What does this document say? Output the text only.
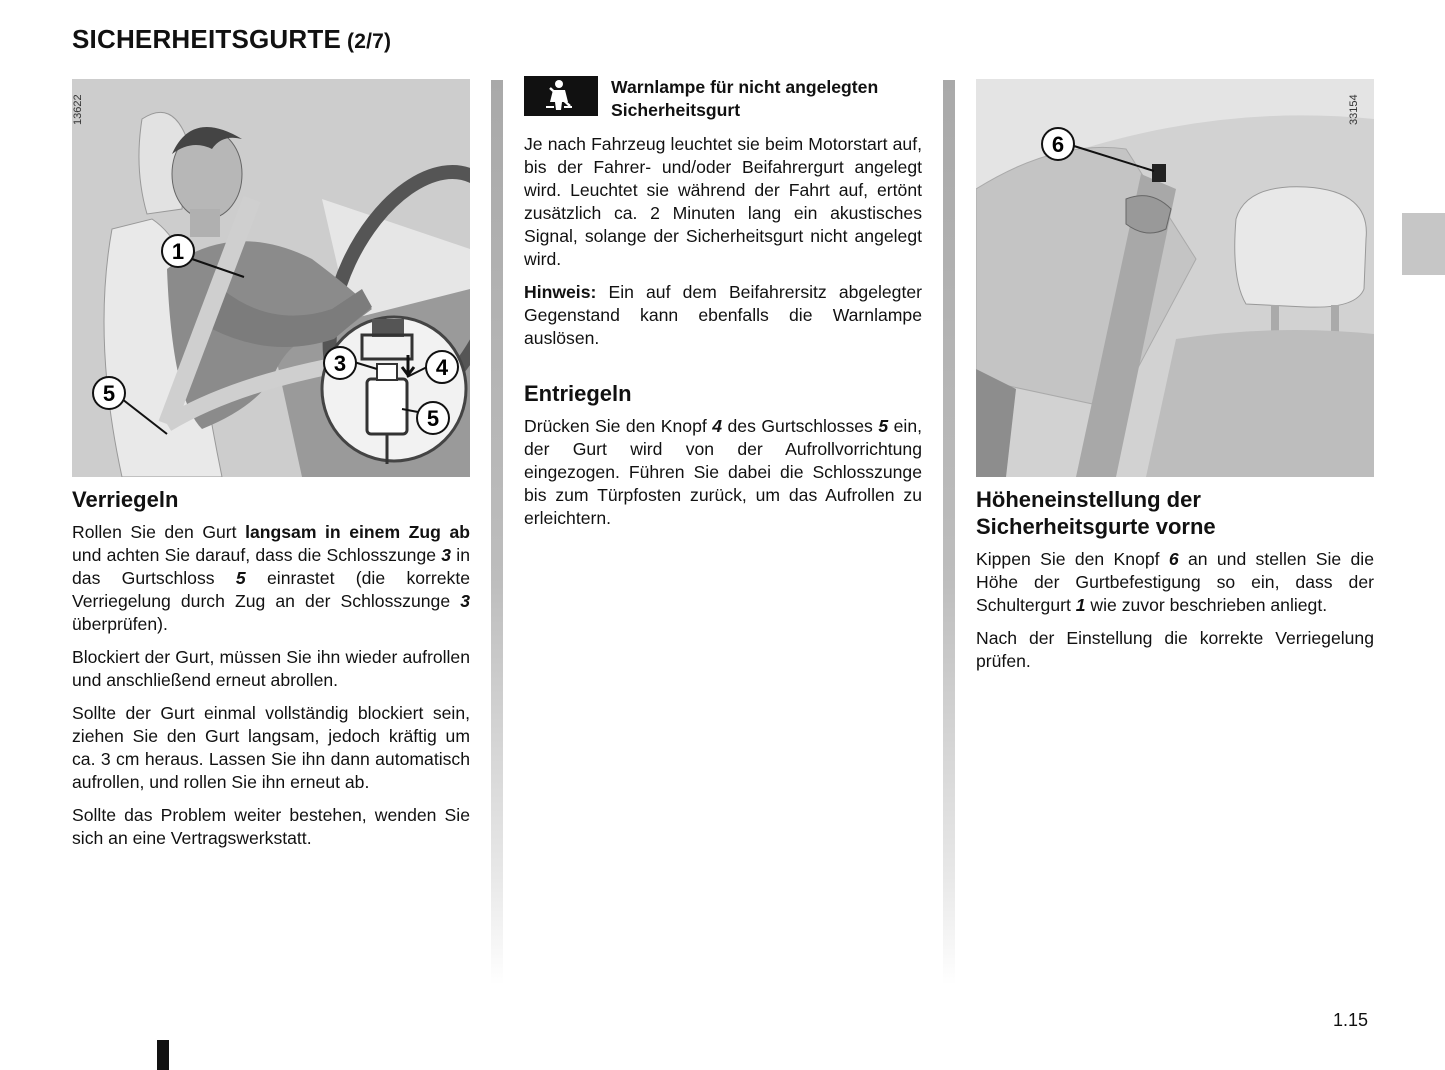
SICHERHEITSGURTE (2/7)
1
3	4
5
5
13622
6
33154
Verriegeln

Rollen Sie den Gurt langsam in einem Zug ab und achten Sie darauf, dass die Schlosszunge 3 in das Gurtschloss 5 einrastet (die korrekte Verriegelung durch Zug an der Schlosszunge 3 überprüfen).

Blockiert der Gurt, müssen Sie ihn wieder aufrollen und anschließend erneut abrollen.

Sollte der Gurt einmal vollständig blockiert sein, ziehen Sie den Gurt langsam, jedoch kräftig um ca. 3 cm heraus. Lassen Sie ihn dann automatisch aufrollen, und rollen Sie ihn erneut ab.

Sollte das Problem weiter bestehen, wenden Sie sich an eine Vertragswerkstatt.

Warnlampe für nicht angelegten Sicherheitsgurt

Je nach Fahrzeug leuchtet sie beim Motorstart auf, bis der Fahrer- und/oder Beifahrergurt angelegt wird. Leuchtet sie während der Fahrt auf, ertönt zusätzlich ca. 2 Minuten lang ein akustisches Signal, solange der Sicherheitsgurt nicht angelegt wird.

Hinweis: Ein auf dem Beifahrersitz abgelegter Gegenstand kann ebenfalls die Warnlampe auslösen.

Entriegeln

Drücken Sie den Knopf 4 des Gurtschlosses 5 ein, der Gurt wird von der Aufrollvorrichtung eingezogen. Führen Sie dabei die Schlosszunge bis zum Türpfosten zurück, um das Aufrollen zu erleichtern.

Höheneinstellung der Sicherheitsgurte vorne

Kippen Sie den Knopf 6 an und stellen Sie die Höhe der Gurtbefestigung so ein, dass der Schultergurt 1 wie zuvor beschrieben anliegt.

Nach der Einstellung die korrekte Verriegelung prüfen.

1.15
